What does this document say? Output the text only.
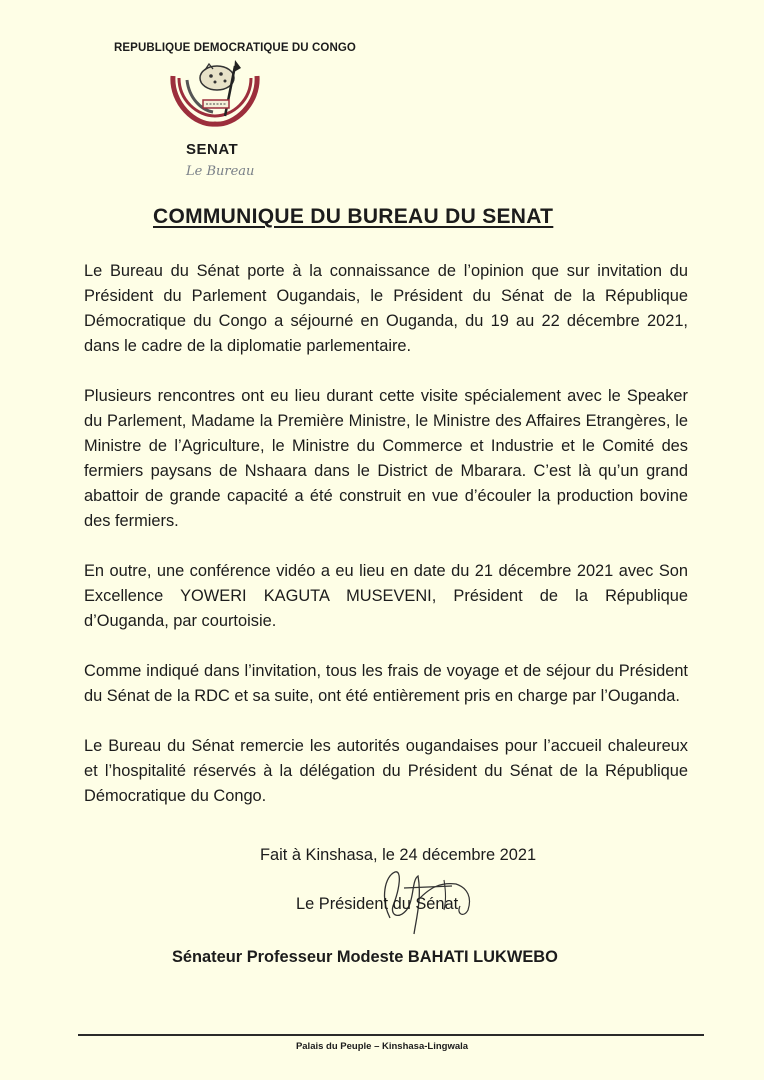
REPUBLIQUE DEMOCRATIQUE DU CONGO
SENAT
Le Bureau
COMMUNIQUE DU BUREAU DU SENAT

Le Bureau du Sénat porte à la connaissance de l’opinion que sur invitation du Président du Parlement Ougandais, le Président du Sénat de la République Démocratique du Congo a séjourné en Ouganda, du 19 au 22 décembre 2021, dans le cadre de la diplomatie parlementaire.

Plusieurs rencontres ont eu lieu durant cette visite spécialement avec le Speaker du Parlement, Madame la Première Ministre, le Ministre des Affaires Etrangères, le Ministre de l’Agriculture, le Ministre du Commerce et Industrie et le Comité des fermiers paysans de Nshaara dans le District de Mbarara. C’est là qu’un grand abattoir de grande capacité a été construit en vue d’écouler la production bovine des fermiers.

En outre, une conférence vidéo a eu lieu en date du 21 décembre 2021 avec Son Excellence YOWERI KAGUTA MUSEVENI, Président de la République d’Ouganda, par courtoisie.

Comme indiqué dans l’invitation, tous les frais de voyage et de séjour du Président du Sénat de la RDC et sa suite, ont été entièrement pris en charge par l’Ouganda.

Le Bureau du Sénat remercie les autorités ougandaises pour l’accueil chaleureux et l’hospitalité réservés à la délégation du Président du Sénat de la République Démocratique du Congo.

Fait à Kinshasa, le 24 décembre 2021
Le Président du Sénat
Sénateur Professeur Modeste BAHATI LUKWEBO
Palais du Peuple – Kinshasa-Lingwala
